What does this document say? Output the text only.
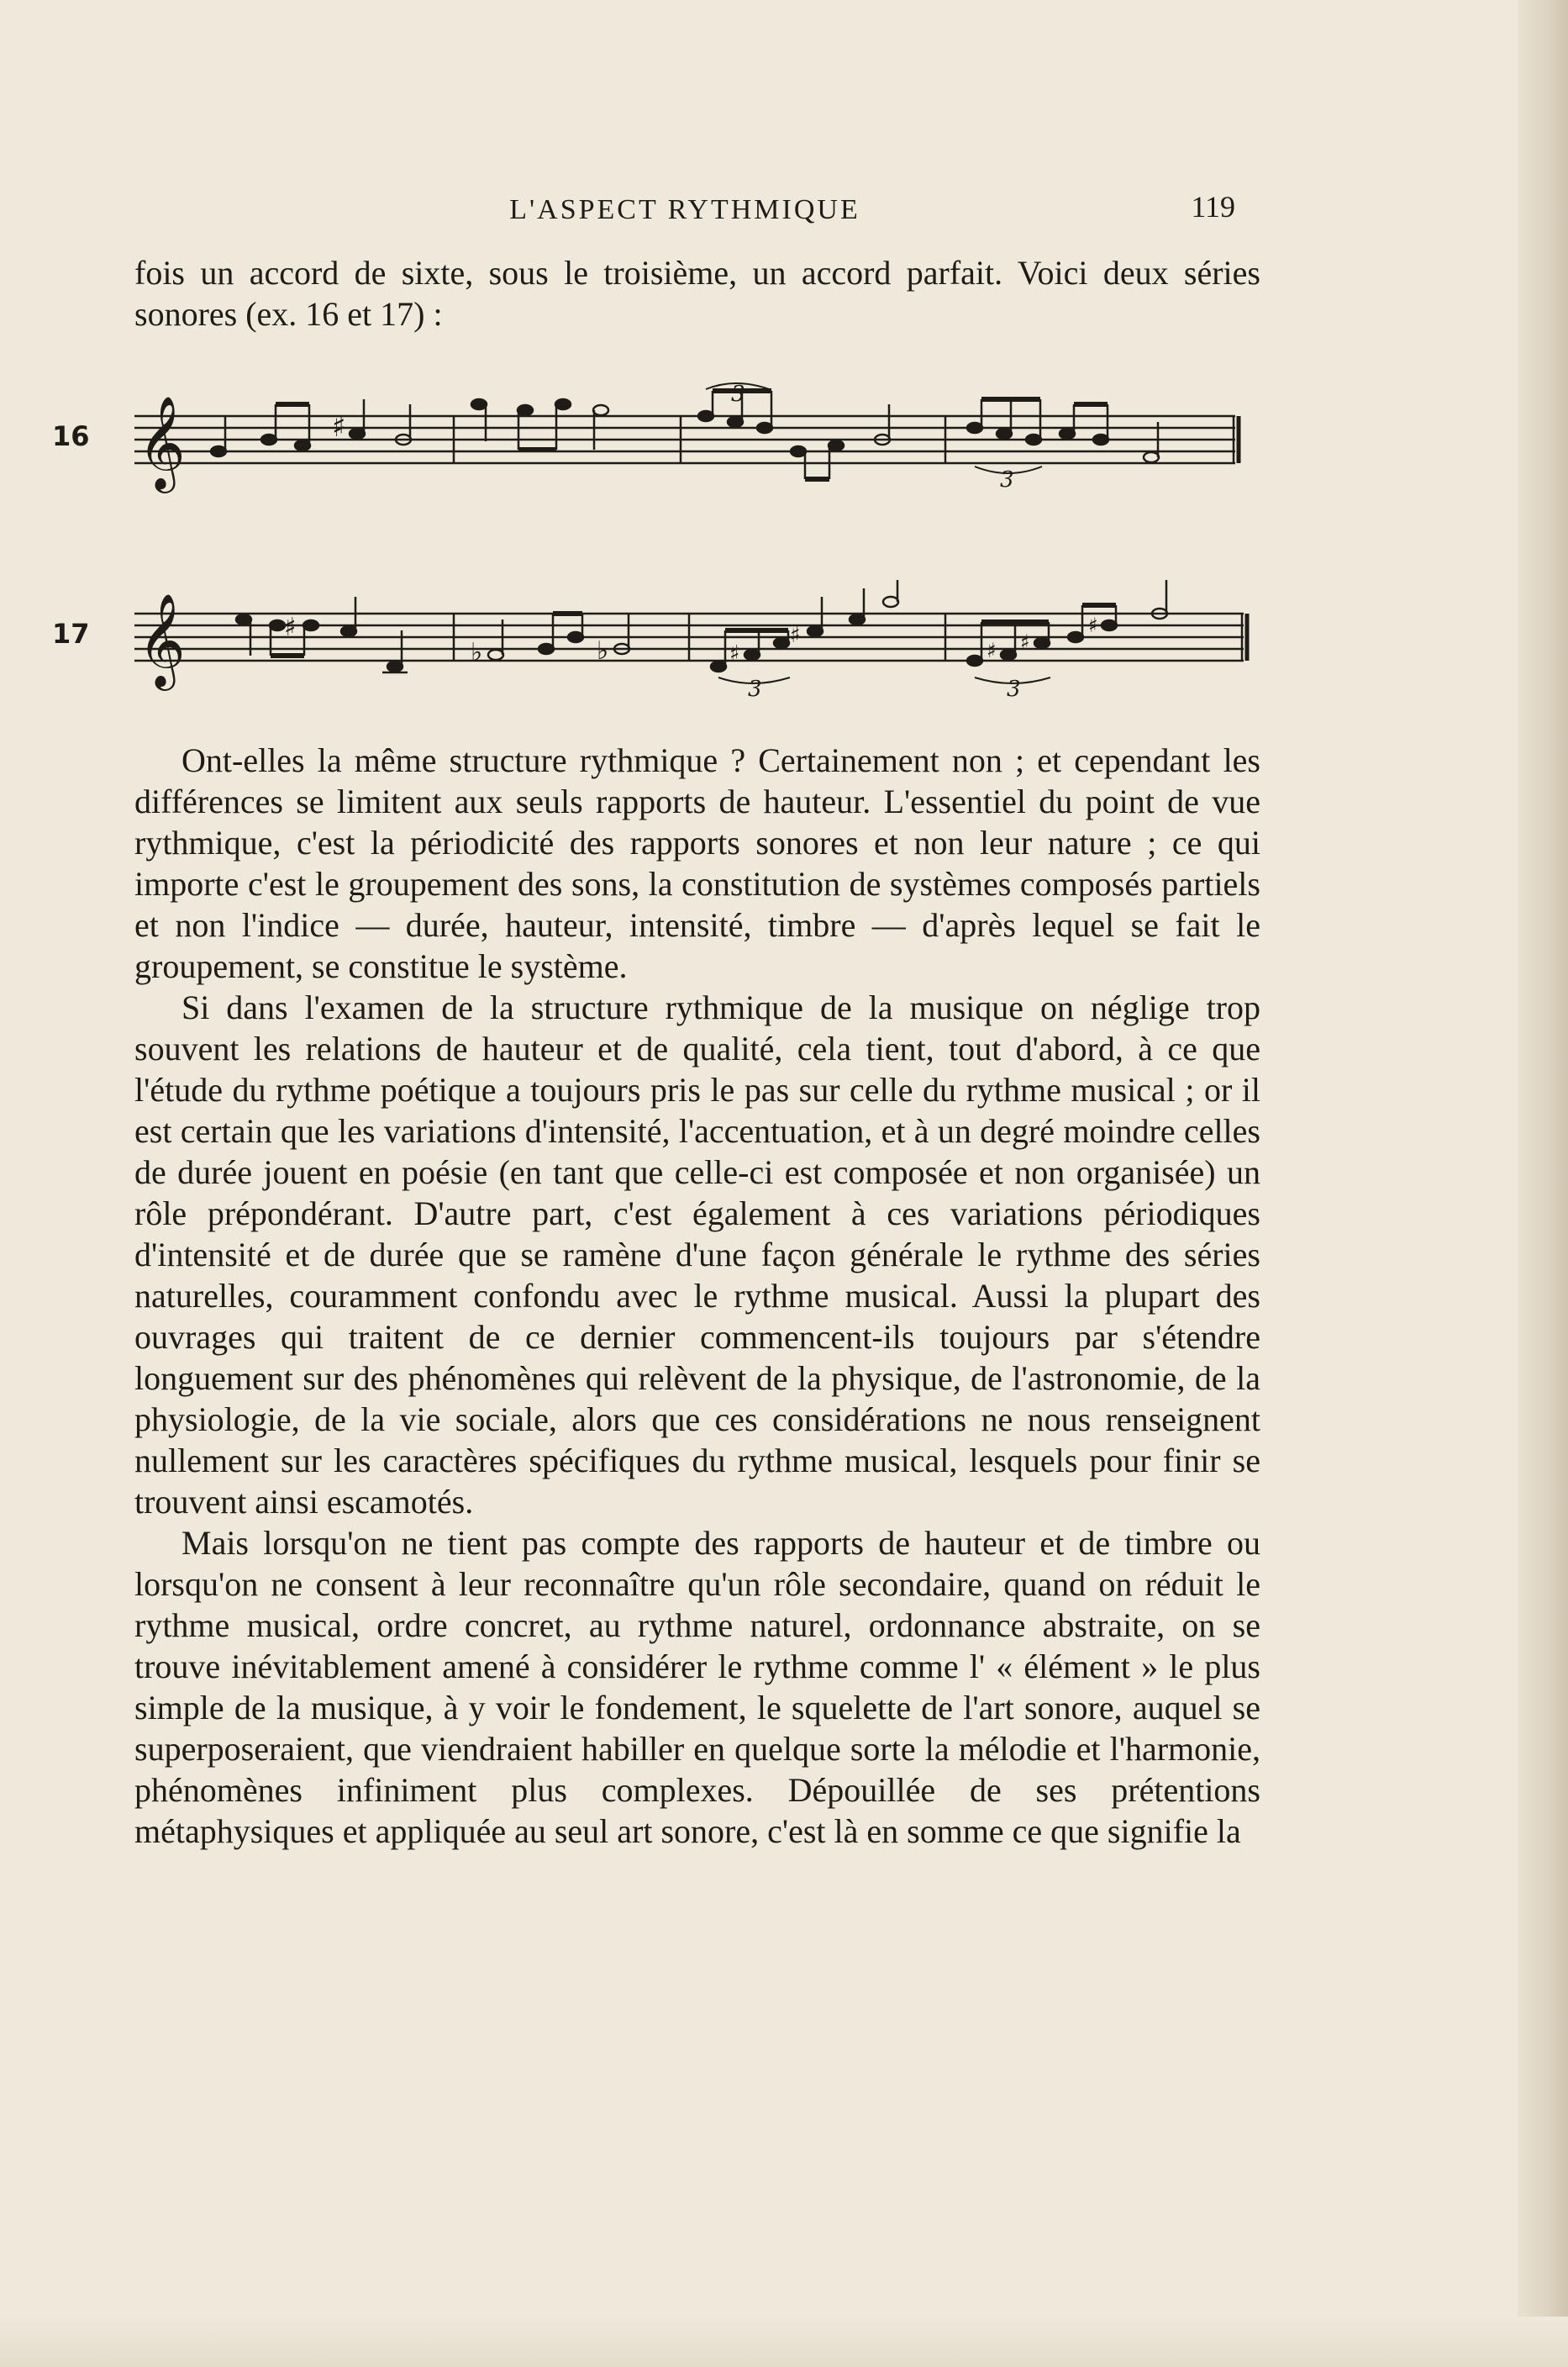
L'ASPECT RYTHMIQUE	119

fois un accord de sixte, sous le troisième, un accord parfait. Voici deux séries sonores (ex. 16 et 17) :

16 𝄞	♯
3
3
17 𝄞	♯
♭	♭	♯
♯
♯ ♯
♯
3	3

Ont-elles la même structure rythmique ? Certainement non ; et cependant les différences se limitent aux seuls rapports de hauteur. L'essentiel du point de vue rythmique, c'est la périodicité des rapports sonores et non leur nature ; ce qui importe c'est le groupement des sons, la constitution de systèmes composés partiels et non l'indice — durée, hauteur, intensité, timbre — d'après lequel se fait le groupement, se constitue le système.

Si dans l'examen de la structure rythmique de la musique on néglige trop souvent les relations de hauteur et de qualité, cela tient, tout d'abord, à ce que l'étude du rythme poétique a toujours pris le pas sur celle du rythme musical ; or il est certain que les variations d'intensité, l'accentuation, et à un degré moindre celles de durée jouent en poésie (en tant que celle-ci est composée et non organisée) un rôle prépondérant. D'autre part, c'est également à ces variations périodiques d'intensité et de durée que se ramène d'une façon générale le rythme des séries naturelles, couramment confondu avec le rythme musical. Aussi la plupart des ouvrages qui traitent de ce dernier commencent-ils toujours par s'étendre longuement sur des phénomènes qui relèvent de la physique, de l'astronomie, de la physiologie, de la vie sociale, alors que ces considérations ne nous renseignent nullement sur les caractères spécifiques du rythme musical, lesquels pour finir se trouvent ainsi escamotés.

Mais lorsqu'on ne tient pas compte des rapports de hauteur et de timbre ou lorsqu'on ne consent à leur reconnaître qu'un rôle secondaire, quand on réduit le rythme musical, ordre concret, au rythme naturel, ordonnance abstraite, on se trouve inévitablement amené à considérer le rythme comme l' « élément » le plus simple de la musique, à y voir le fondement, le squelette de l'art sonore, auquel se superposeraient, que viendraient habiller en quelque sorte la mélodie et l'harmonie, phénomènes infiniment plus complexes. Dépouillée de ses prétentions métaphysiques et appliquée au seul art sonore, c'est là en somme ce que signifie la
